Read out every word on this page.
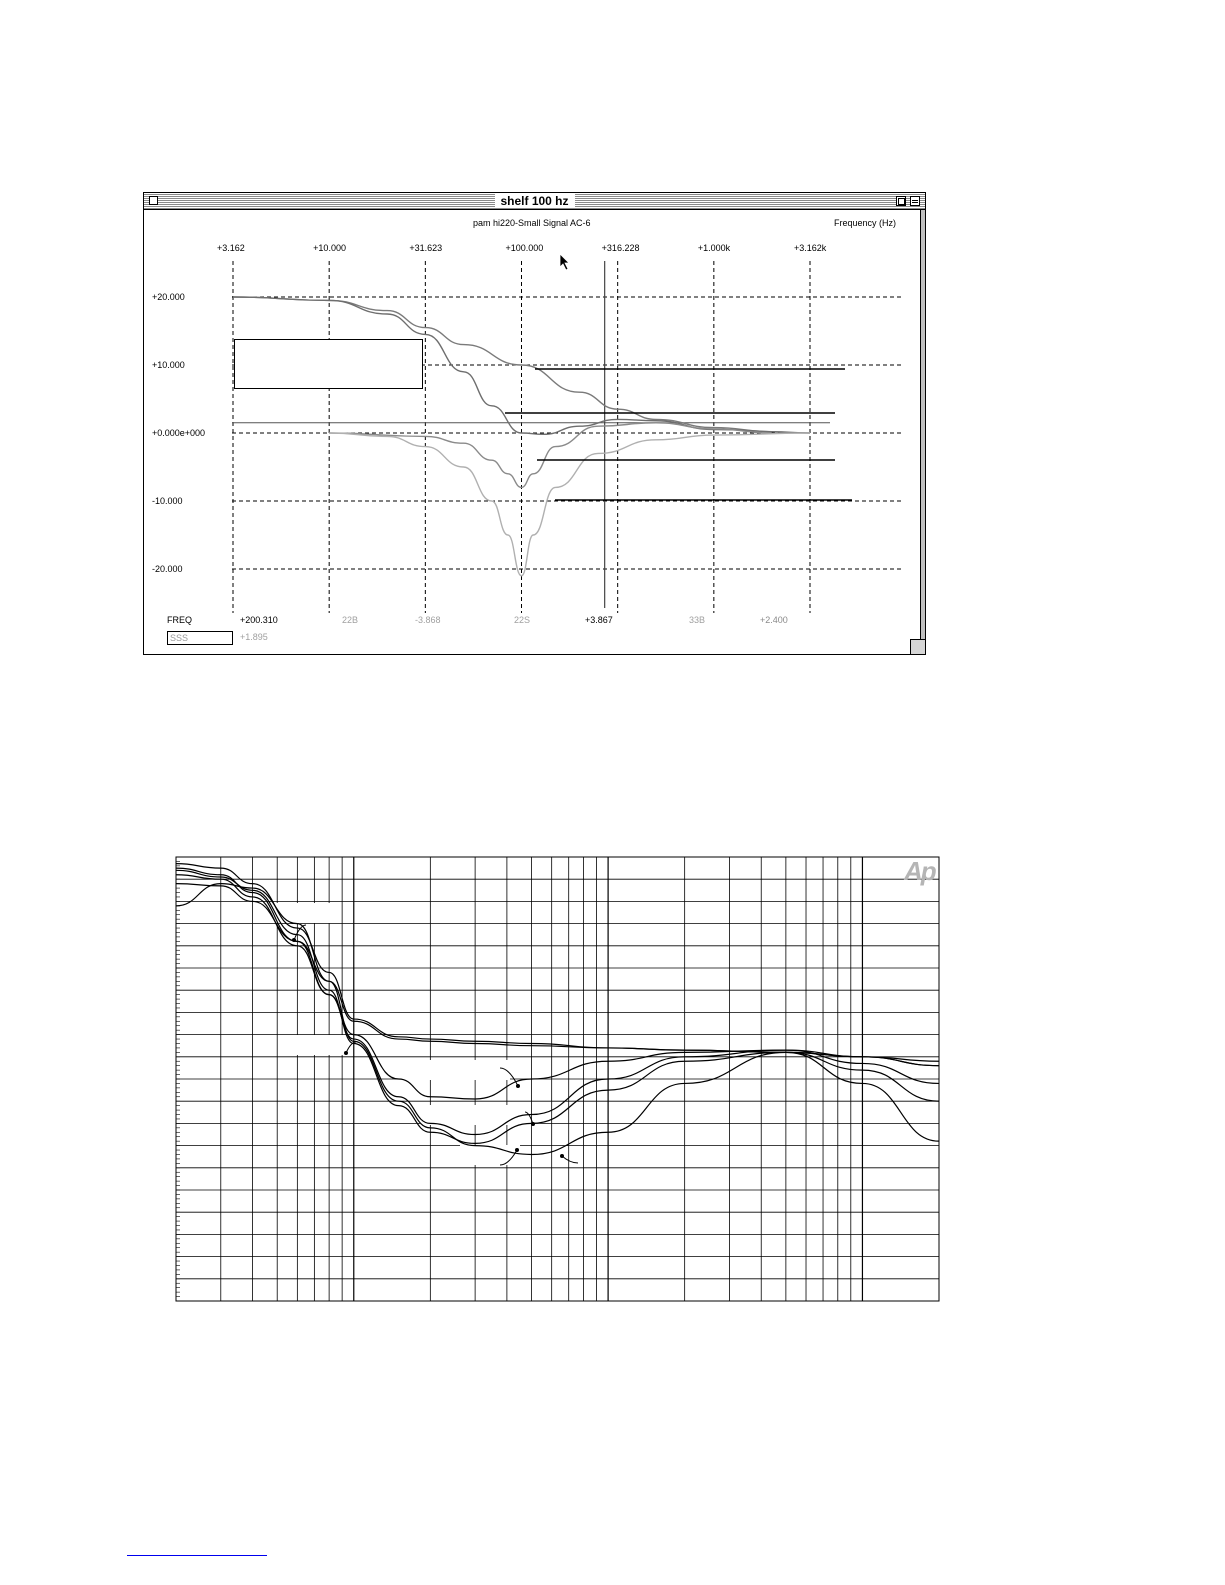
shelf 100 hz
+3.162	+10.000	+31.623	+100.000	+316.228	+1.000k	+3.162k
+20.000
+10.000
+0.000e+000
-10.000
-20.000
pam hi220-Small Signal AC-6	Frequency (Hz)
FREQ	+200.310	22B	-3.868	22S	+3.867	33B	+2.400
SSS	+1.895
Ap
